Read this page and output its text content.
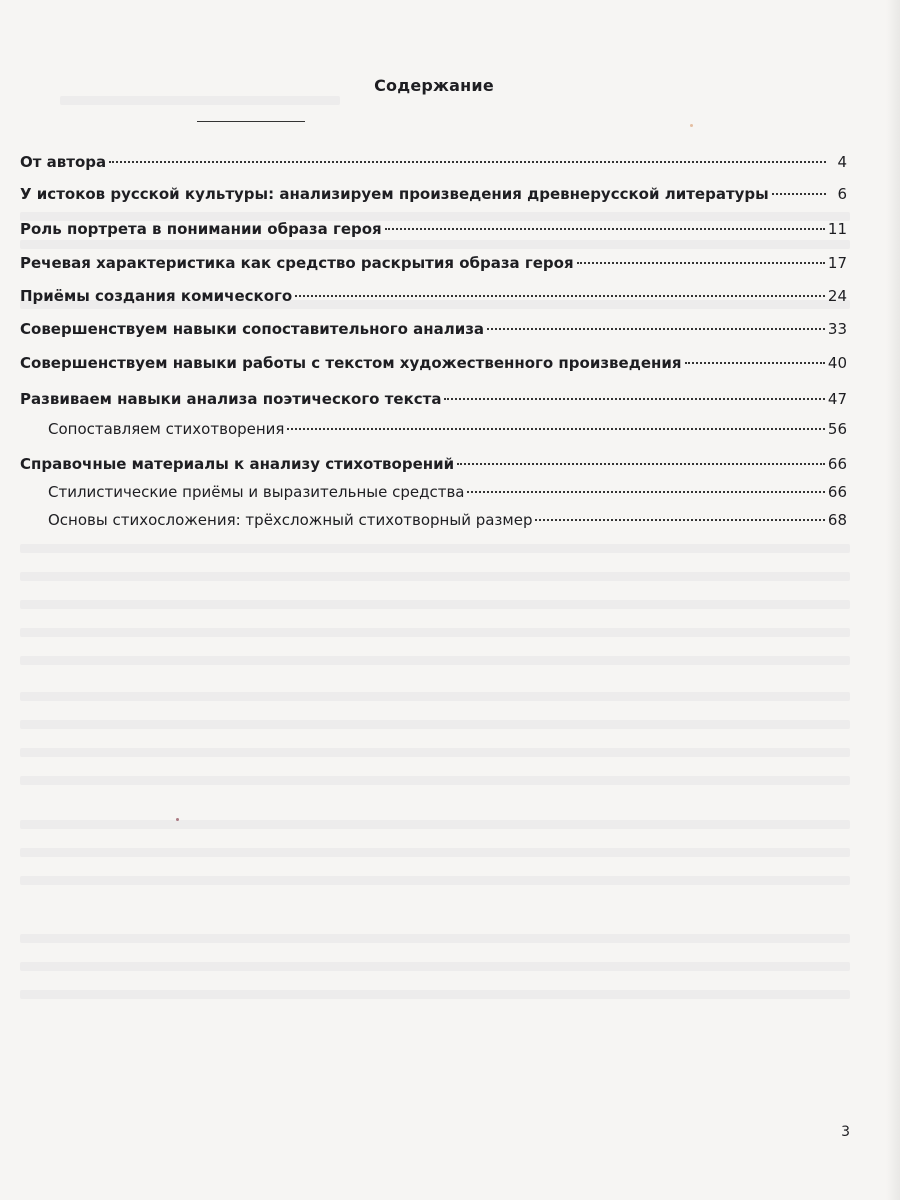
Содержание
От автора	4
У истоков русской культуры: анализируем произведения древнерусской литературы	6
Роль портрета в понимании образа героя	11
Речевая характеристика как средство раскрытия образа героя	17
Приёмы создания комического	24
Совершенствуем навыки сопоставительного анализа	33
Совершенствуем навыки работы с текстом художественного произведения	40
Развиваем навыки анализа поэтического текста	47
Сопоставляем стихотворения	56
Справочные материалы к анализу стихотворений	66
Стилистические приёмы и выразительные средства	66
Основы стихосложения: трёхсложный стихотворный размер	68
3
